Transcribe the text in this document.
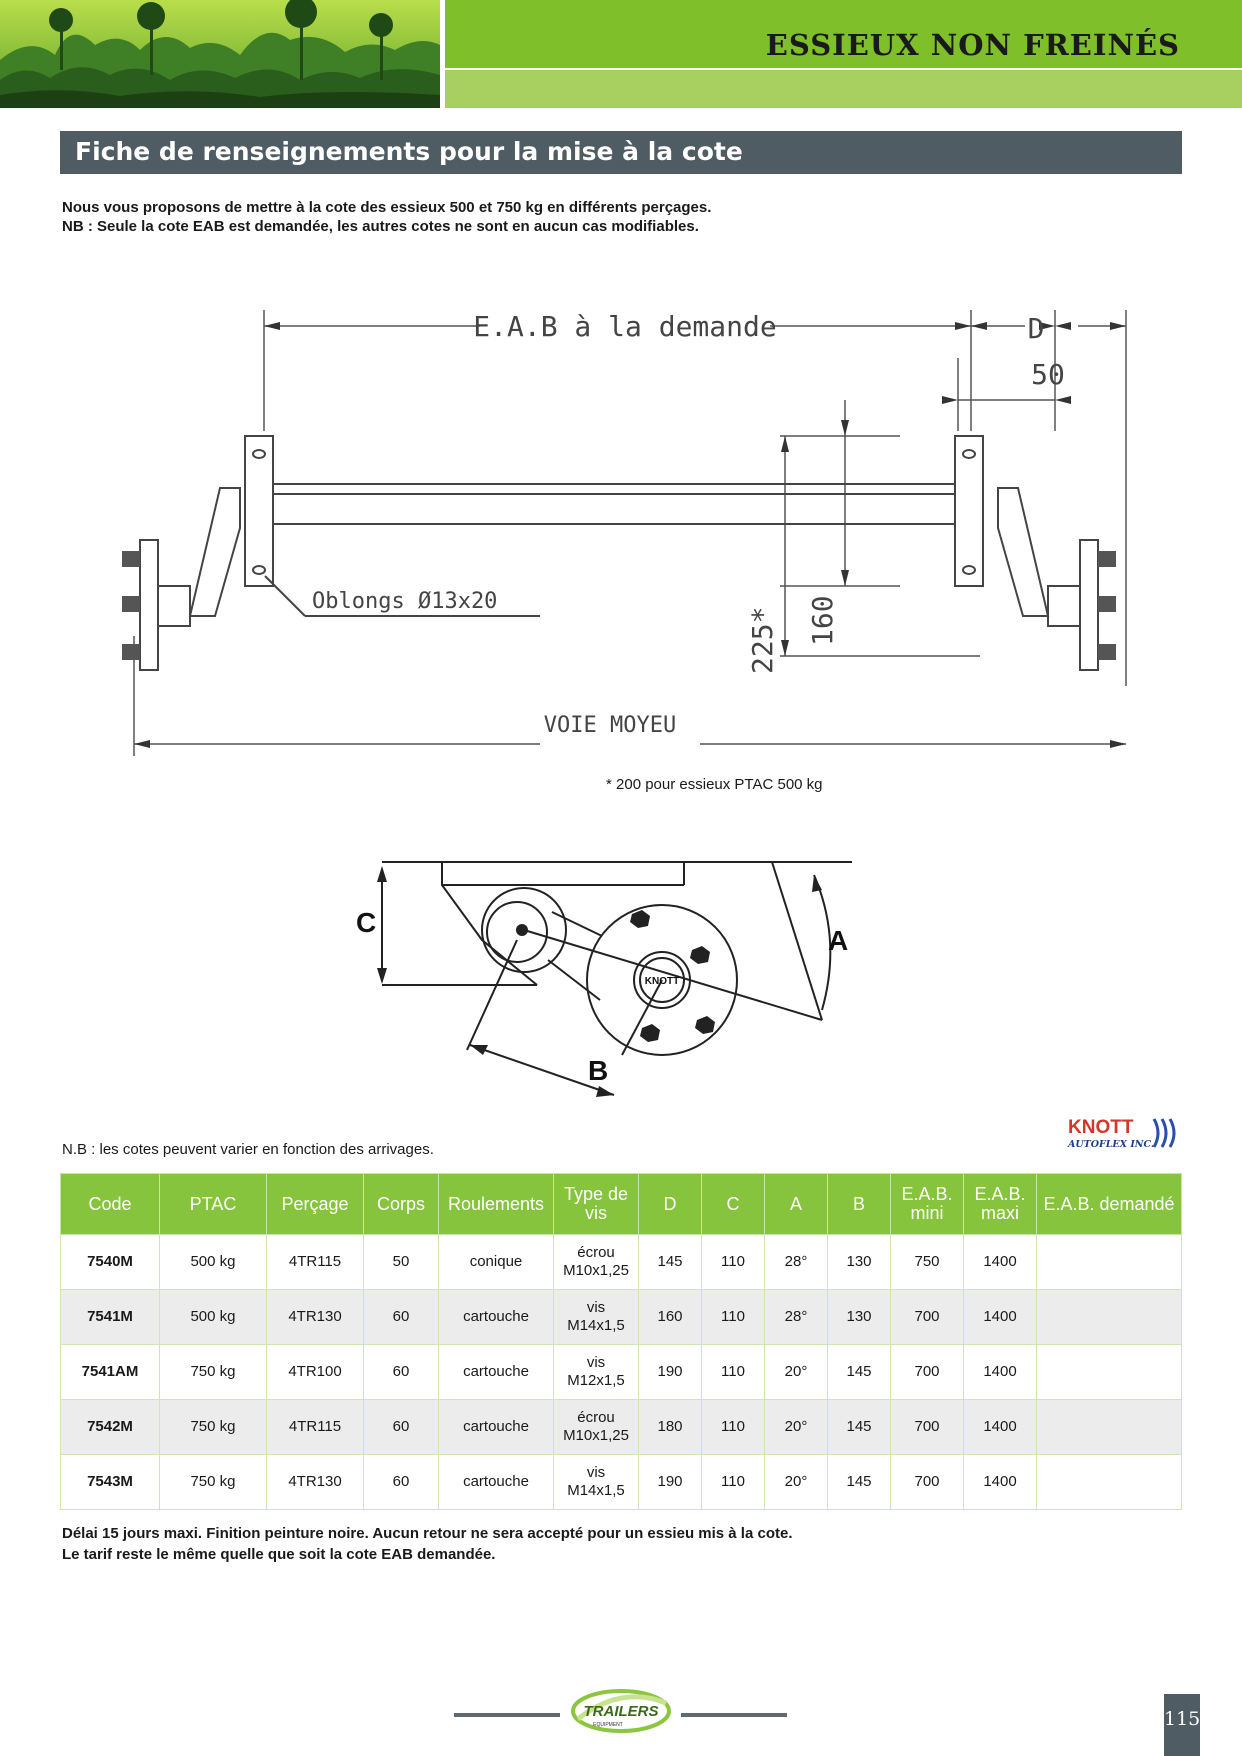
ESSIEUX NON FREINÉS
Fiche de renseignements pour la mise à la cote
Nous vous proposons de mettre à la cote des essieux 500 et 750 kg en différents perçages.
NB : Seule la cote EAB est demandée, les autres cotes ne sont en aucun cas modifiables.
E.A.B à la demande	D
50
Oblongs Ø13x20
225* 160
VOIE MOYEU
* 200 pour essieux PTAC 500 kg
C
A
B
KNOTT
KNOTT
AUTOFLEX INC.
N.B : les cotes peuvent varier en fonction des arrivages.
Code	PTAC	Perçage	Corps	Roulements	Type de vis	D	C	A	B	E.A.B. mini	E.A.B. maxi	E.A.B. demandé
7540M	500 kg	4TR115	50	conique	écrou M10x1,25	145	110	28°	130	750	1400	
7541M	500 kg	4TR130	60	cartouche	vis M14x1,5	160	110	28°	130	700	1400	
7541AM	750 kg	4TR100	60	cartouche	vis M12x1,5	190	110	20°	145	700	1400	
7542M	750 kg	4TR115	60	cartouche	écrou M10x1,25	180	110	20°	145	700	1400	
7543M	750 kg	4TR130	60	cartouche	vis M14x1,5	190	110	20°	145	700	1400	
Délai 15 jours maxi. Finition peinture noire. Aucun retour ne sera accepté pour un essieu mis à la cote.
Le tarif reste le même quelle que soit la cote EAB demandée.
TRAILERS
EQUIPMENT	115
